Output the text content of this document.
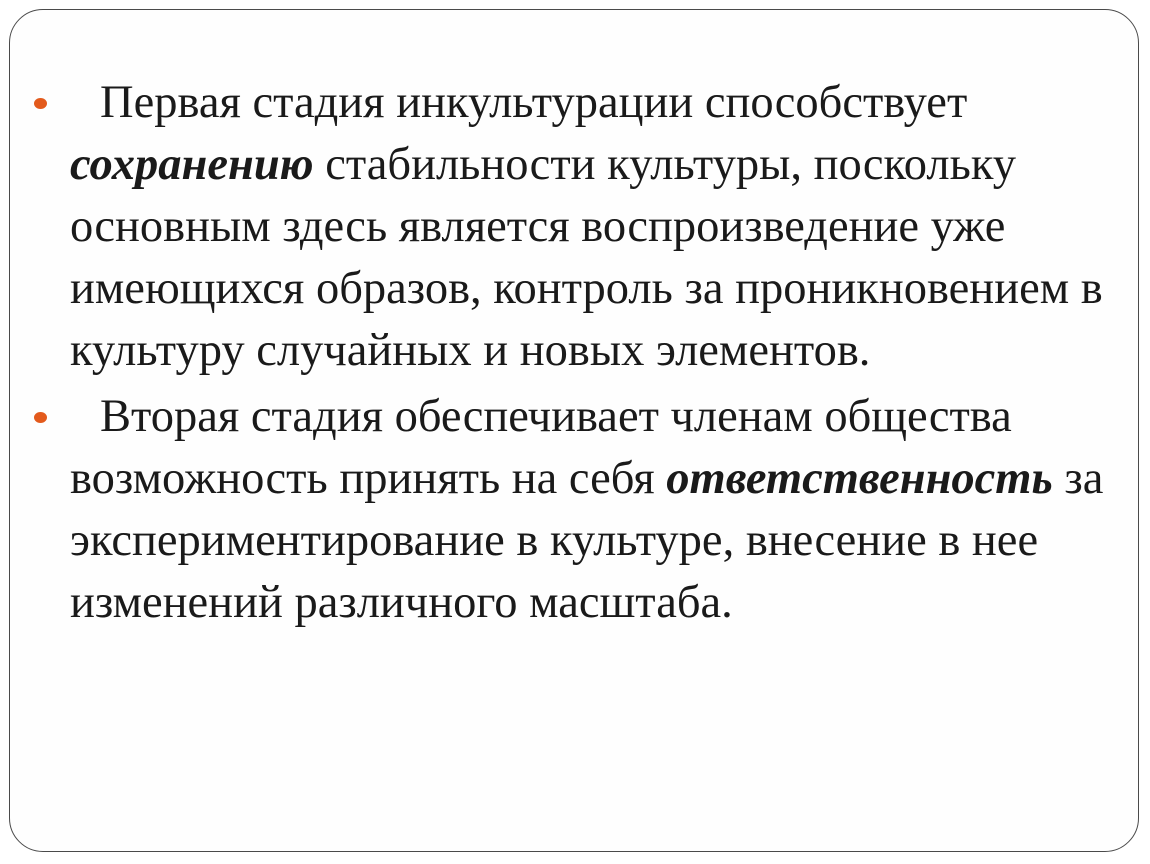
Первая стадия инкультурации способствует сохранению стабильности культуры, поскольку основным здесь является воспроизведение уже имеющихся образов, контроль за проникновением в культуру случайных и новых элементов.

Вторая стадия обеспечивает членам общества возможность принять на себя ответственность за экспериментирование в культуре, внесение в нее изменений различного масштаба.
